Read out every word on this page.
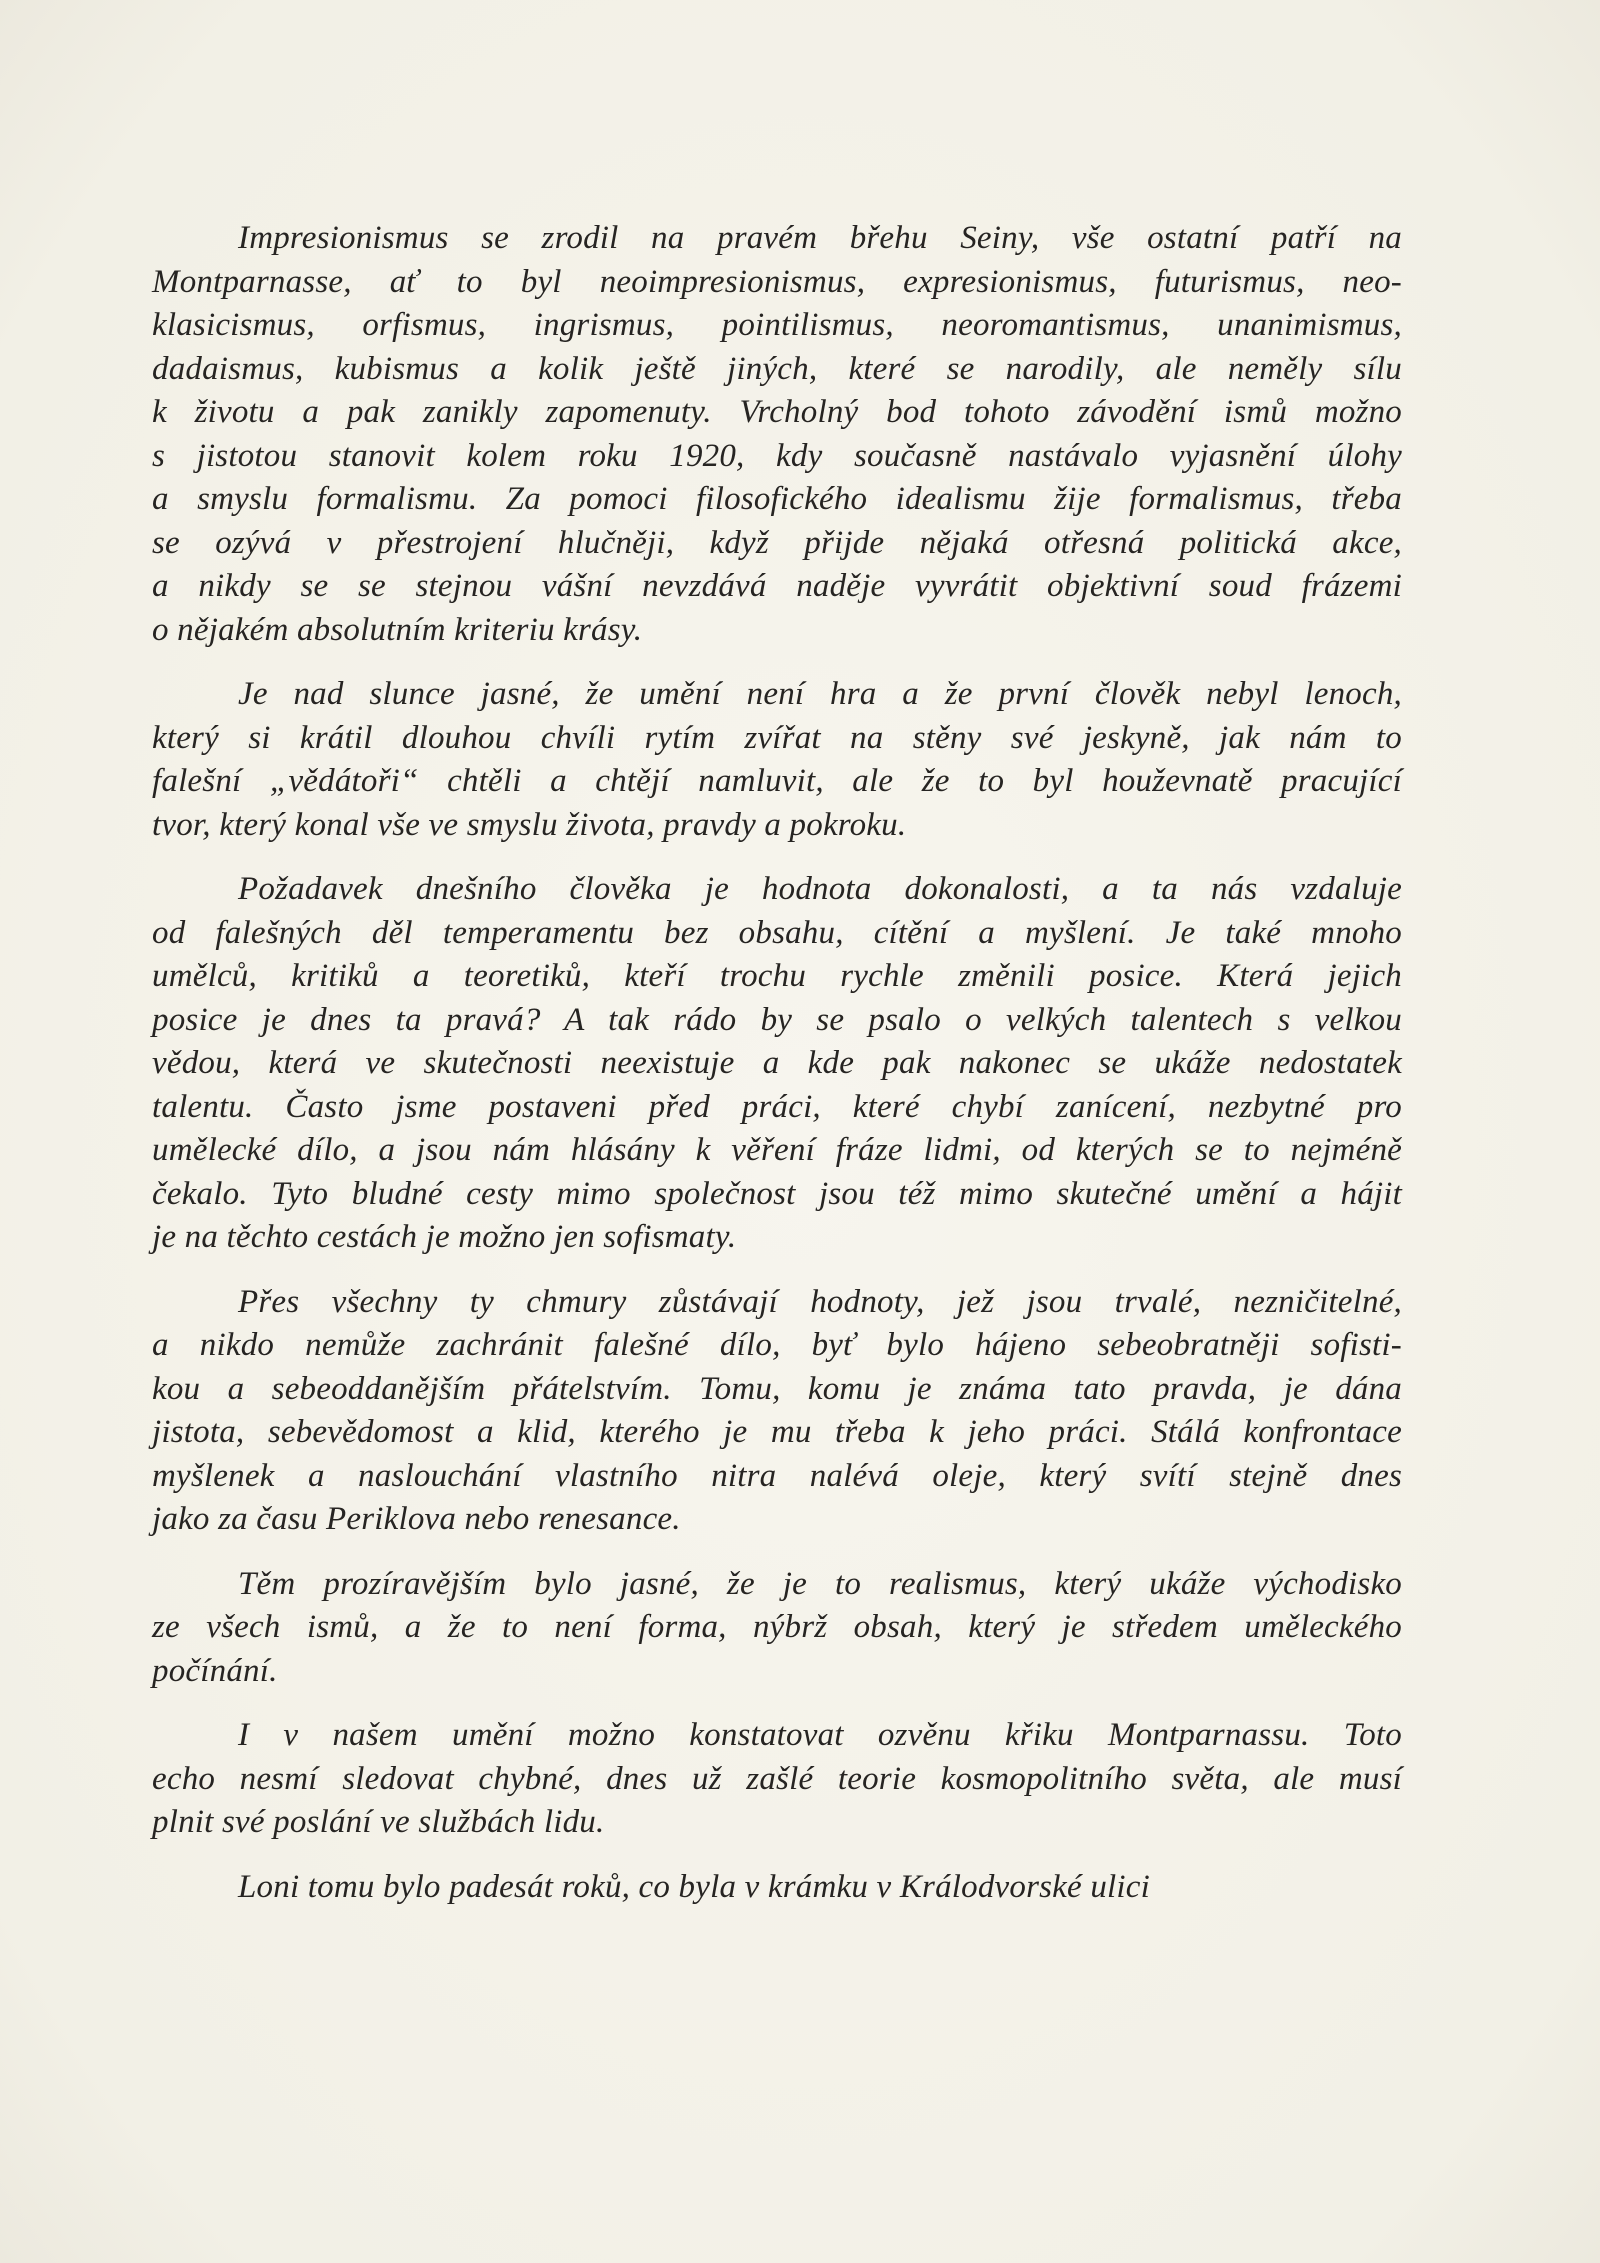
Impresionismus se zrodil na pravém břehu Seiny, vše ostatní patří na
Montparnasse, ať to byl neoimpresionismus, expresionismus, futurismus, neo-
klasicismus, orfismus, ingrismus, pointilismus, neoromantismus, unanimismus,
dadaismus, kubismus a kolik ještě jiných, které se narodily, ale neměly sílu
k životu a pak zanikly zapomenuty. Vrcholný bod tohoto závodění ismů možno
s jistotou stanovit kolem roku 1920, kdy současně nastávalo vyjasnění úlohy
a smyslu formalismu. Za pomoci filosofického idealismu žije formalismus, třeba
se ozývá v přestrojení hlučněji, když přijde nějaká otřesná politická akce,
a nikdy se se stejnou vášní nevzdává naděje vyvrátit objektivní soud frázemi
o nějakém absolutním kriteriu krásy.
Je nad slunce jasné, že umění není hra a že první člověk nebyl lenoch,
který si krátil dlouhou chvíli rytím zvířat na stěny své jeskyně, jak nám to
falešní „vědátoři“ chtěli a chtějí namluvit, ale že to byl houževnatě pracující
tvor, který konal vše ve smyslu života, pravdy a pokroku.
Požadavek dnešního člověka je hodnota dokonalosti, a ta nás vzdaluje
od falešných děl temperamentu bez obsahu, cítění a myšlení. Je také mnoho
umělců, kritiků a teoretiků, kteří trochu rychle změnili posice. Která jejich
posice je dnes ta pravá? A tak rádo by se psalo o velkých talentech s velkou
vědou, která ve skutečnosti neexistuje a kde pak nakonec se ukáže nedostatek
talentu. Často jsme postaveni před práci, které chybí zanícení, nezbytné pro
umělecké dílo, a jsou nám hlásány k věření fráze lidmi, od kterých se to nejméně
čekalo. Tyto bludné cesty mimo společnost jsou též mimo skutečné umění a hájit
je na těchto cestách je možno jen sofismaty.
Přes všechny ty chmury zůstávají hodnoty, jež jsou trvalé, nezničitelné,
a nikdo nemůže zachránit falešné dílo, byť bylo hájeno sebeobratněji sofisti-
kou a sebeoddanějším přátelstvím. Tomu, komu je známa tato pravda, je dána
jistota, sebevědomost a klid, kterého je mu třeba k jeho práci. Stálá konfrontace
myšlenek a naslouchání vlastního nitra nalévá oleje, který svítí stejně dnes
jako za času Periklova nebo renesance.
Těm prozíravějším bylo jasné, že je to realismus, který ukáže východisko
ze všech ismů, a že to není forma, nýbrž obsah, který je středem uměleckého
počínání.
I v našem umění možno konstatovat ozvěnu křiku Montparnassu. Toto
echo nesmí sledovat chybné, dnes už zašlé teorie kosmopolitního světa, ale musí
plnit své poslání ve službách lidu.
Loni tomu bylo padesát roků, co byla v krámku v Králodvorské ulici
